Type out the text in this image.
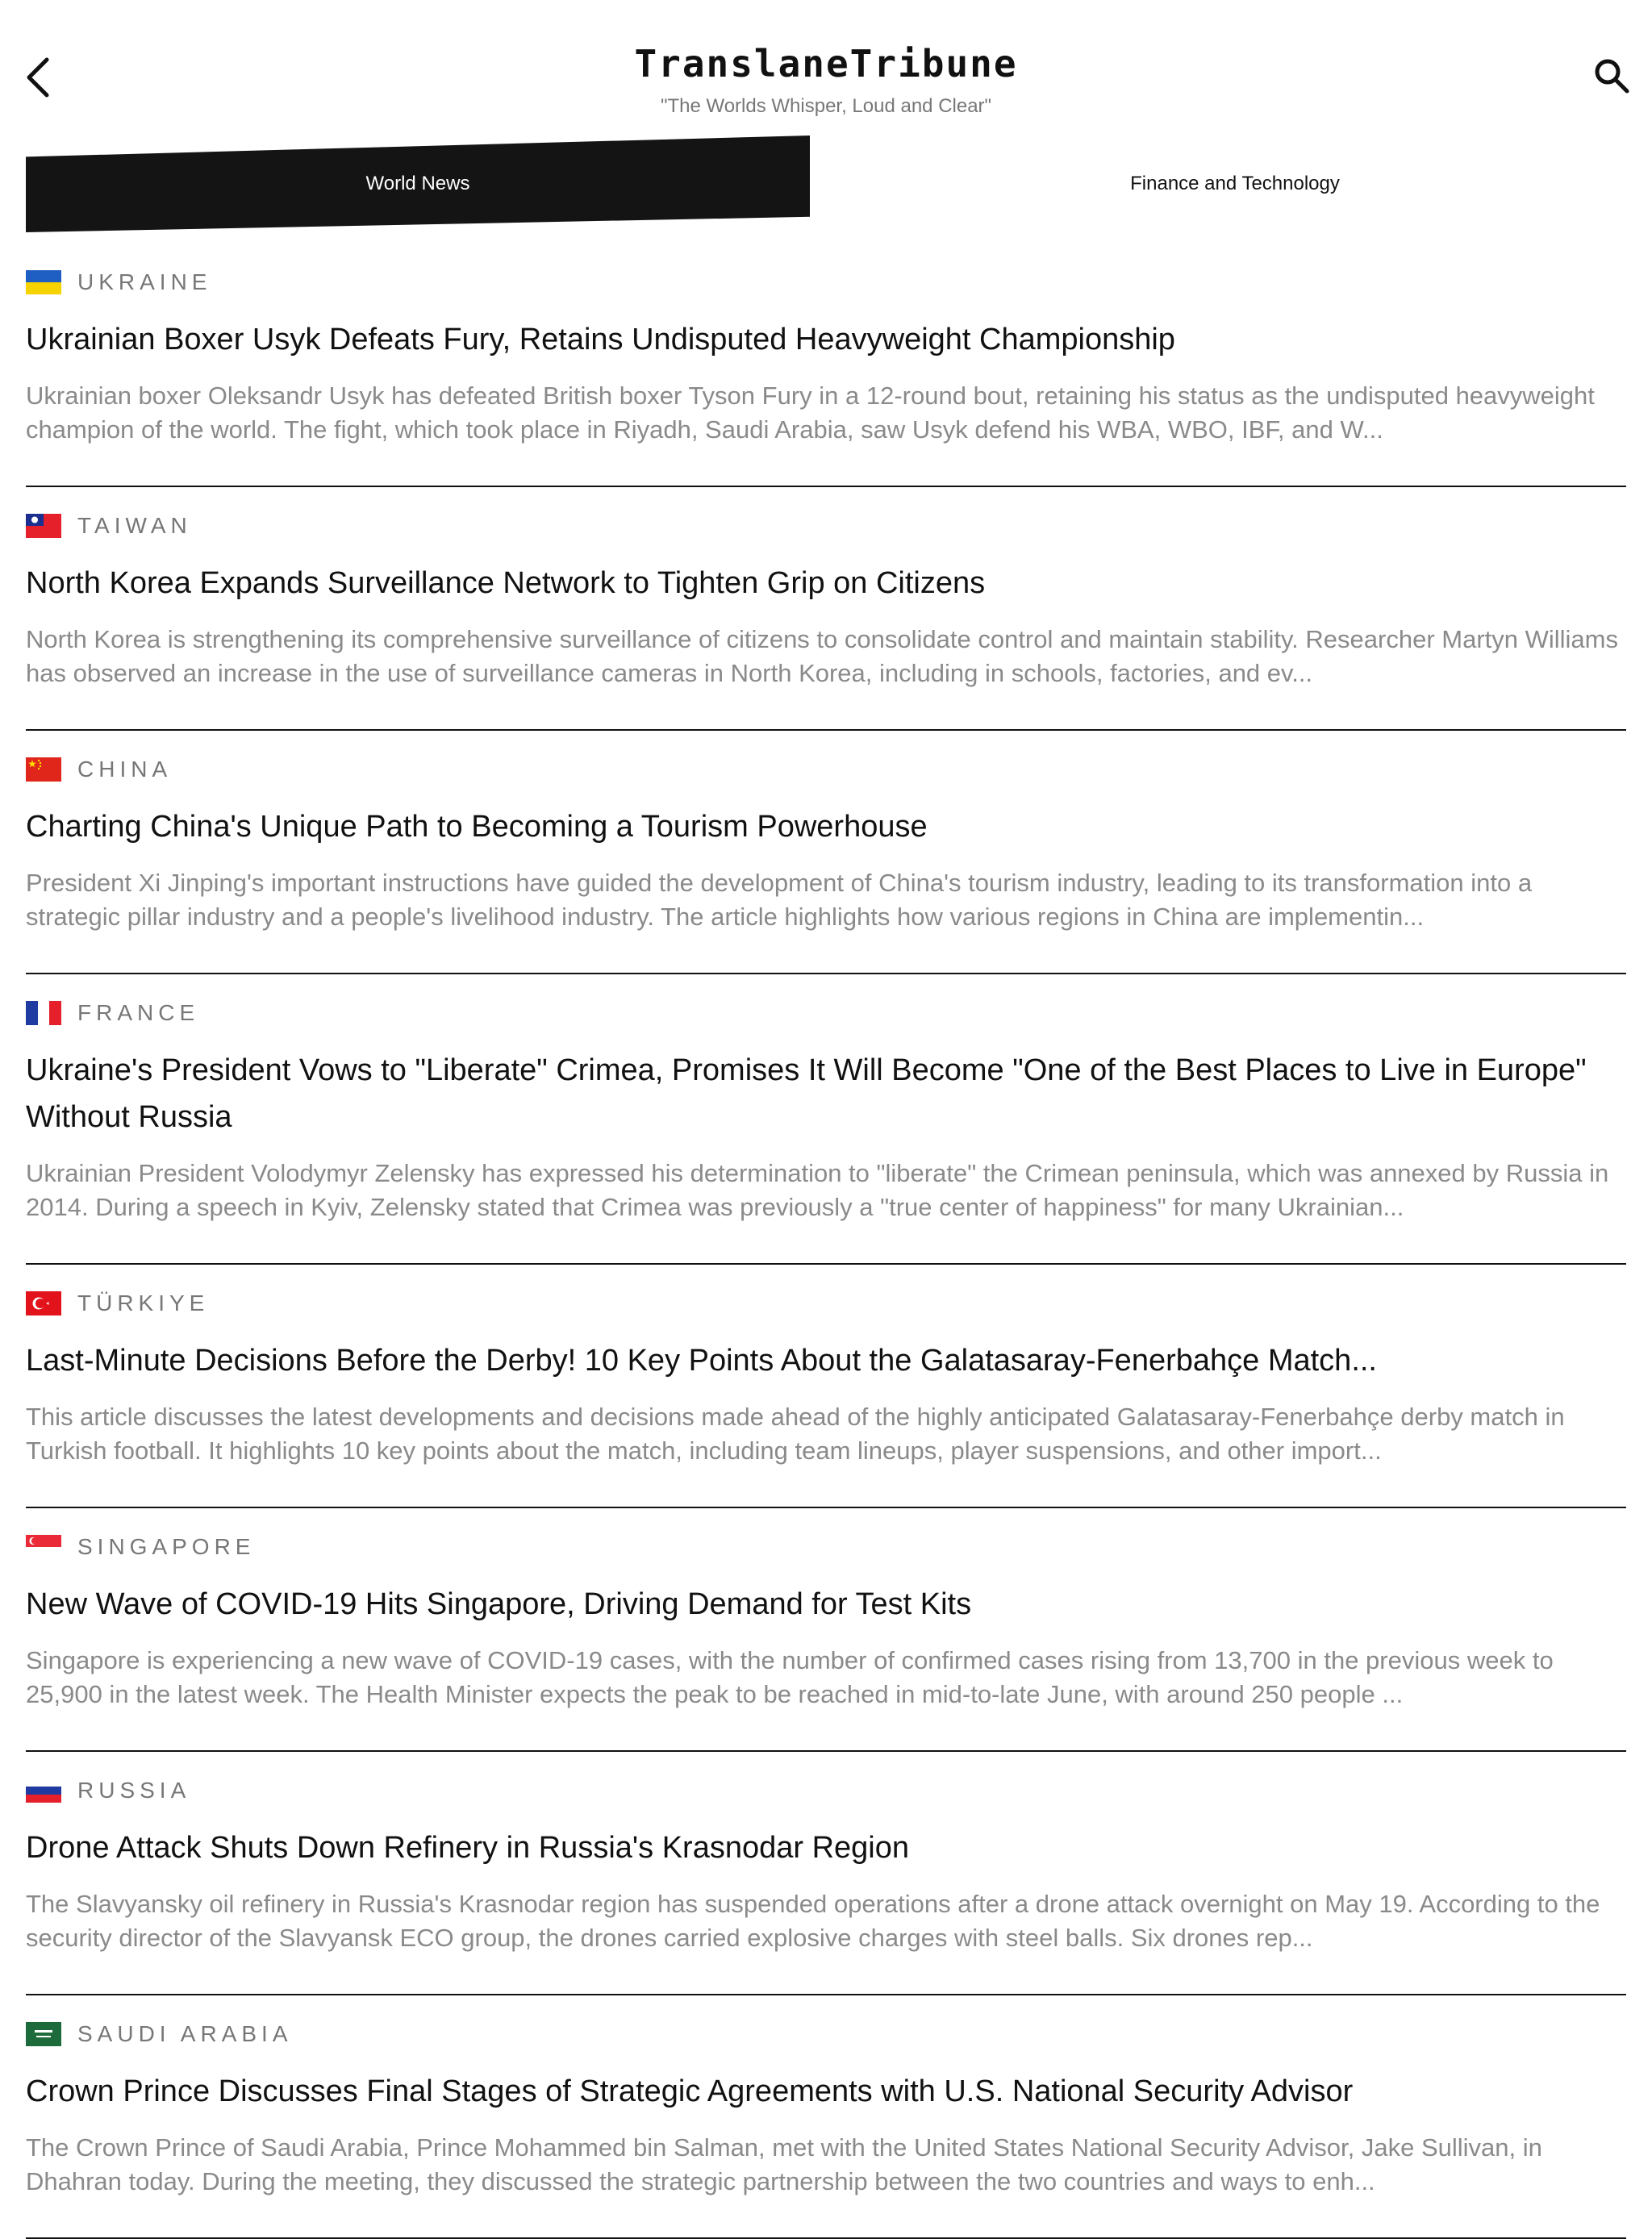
TranslaneTribune
"The Worlds Whisper, Loud and Clear"
World News	Finance and Technology
UKRAINE
Ukrainian Boxer Usyk Defeats Fury, Retains Undisputed Heavyweight Championship
Ukrainian boxer Oleksandr Usyk has defeated British boxer Tyson Fury in a 12-round bout, retaining his status as the undisputed heavyweight champion of the world. The fight, which took place in Riyadh, Saudi Arabia, saw Usyk defend his WBA, WBO, IBF, and W...
TAIWAN
North Korea Expands Surveillance Network to Tighten Grip on Citizens
North Korea is strengthening its comprehensive surveillance of citizens to consolidate control and maintain stability. Researcher Martyn Williams has observed an increase in the use of surveillance cameras in North Korea, including in schools, factories, and ev...
CHINA
Charting China's Unique Path to Becoming a Tourism Powerhouse
President Xi Jinping's important instructions have guided the development of China's tourism industry, leading to its transformation into a strategic pillar industry and a people's livelihood industry. The article highlights how various regions in China are implementin...
FRANCE
Ukraine's President Vows to "Liberate" Crimea, Promises It Will Become "One of the Best Places to Live in Europe" Without Russia
Ukrainian President Volodymyr Zelensky has expressed his determination to "liberate" the Crimean peninsula, which was annexed by Russia in 2014. During a speech in Kyiv, Zelensky stated that Crimea was previously a "true center of happiness" for many Ukrainian...
TÜRKIYE
Last-Minute Decisions Before the Derby! 10 Key Points About the Galatasaray-Fenerbahçe Match...
This article discusses the latest developments and decisions made ahead of the highly anticipated Galatasaray-Fenerbahçe derby match in Turkish football. It highlights 10 key points about the match, including team lineups, player suspensions, and other import...
SINGAPORE
New Wave of COVID-19 Hits Singapore, Driving Demand for Test Kits
Singapore is experiencing a new wave of COVID-19 cases, with the number of confirmed cases rising from 13,700 in the previous week to 25,900 in the latest week. The Health Minister expects the peak to be reached in mid-to-late June, with around 250 people ...
RUSSIA
Drone Attack Shuts Down Refinery in Russia's Krasnodar Region
The Slavyansky oil refinery in Russia's Krasnodar region has suspended operations after a drone attack overnight on May 19. According to the security director of the Slavyansk ECO group, the drones carried explosive charges with steel balls. Six drones rep...
SAUDI ARABIA
Crown Prince Discusses Final Stages of Strategic Agreements with U.S. National Security Advisor
The Crown Prince of Saudi Arabia, Prince Mohammed bin Salman, met with the United States National Security Advisor, Jake Sullivan, in Dhahran today. During the meeting, they discussed the strategic partnership between the two countries and ways to enh...
